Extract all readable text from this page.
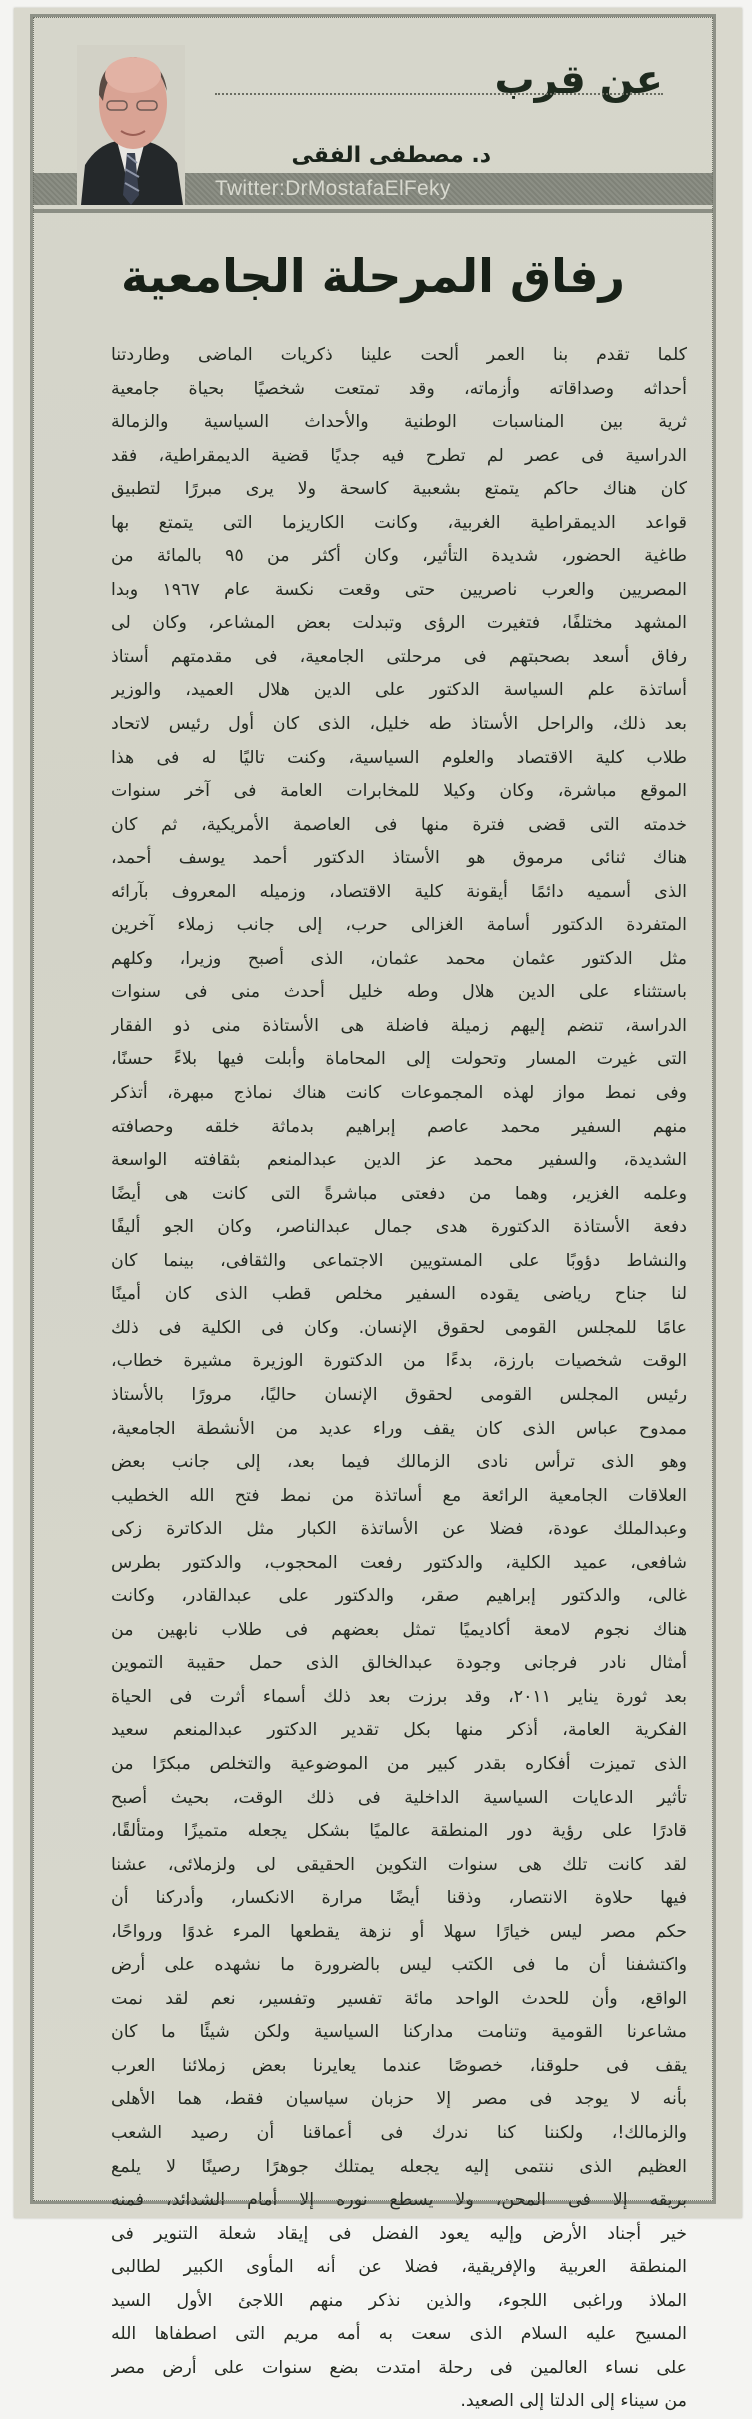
عن قرب
Twitter:DrMostafaElFeky
د. مصطفى الفقى
رفاق المرحلة الجامعية
كلما تقدم بنا العمر ألحت علينا ذكريات الماضى وطاردتنا
أحداثه وصداقاته وأزماته، وقد تمتعت شخصيًا بحياة جامعية
ثرية بين المناسبات الوطنية والأحداث السياسية والزمالة
الدراسية فى عصر لم تطرح فيه جديًا قضية الديمقراطية، فقد
كان هناك حاكم يتمتع بشعبية كاسحة ولا يرى مبررًا لتطبيق
قواعد الديمقراطية الغربية، وكانت الكاريزما التى يتمتع بها
طاغية الحضور، شديدة التأثير، وكان أكثر من ٩٥ بالمائة من
المصريين والعرب ناصريين حتى وقعت نكسة عام ١٩٦٧ وبدا
المشهد مختلفًا، فتغيرت الرؤى وتبدلت بعض المشاعر، وكان لى
رفاق أسعد بصحبتهم فى مرحلتى الجامعية، فى مقدمتهم أستاذ
أساتذة علم السياسة الدكتور على الدين هلال العميد، والوزير
بعد ذلك، والراحل الأستاذ طه خليل، الذى كان أول رئيس لاتحاد
طلاب كلية الاقتصاد والعلوم السياسية، وكنت تاليًا له فى هذا
الموقع مباشرة، وكان وكيلا للمخابرات العامة فى آخر سنوات
خدمته التى قضى فترة منها فى العاصمة الأمريكية، ثم كان
هناك ثنائى مرموق هو الأستاذ الدكتور أحمد يوسف أحمد،
الذى أسميه دائمًا أيقونة كلية الاقتصاد، وزميله المعروف بآرائه
المتفردة الدكتور أسامة الغزالى حرب، إلى جانب زملاء آخرين
مثل الدكتور عثمان محمد عثمان، الذى أصبح وزيرا، وكلهم
باستثناء على الدين هلال وطه خليل أحدث منى فى سنوات
الدراسة، تنضم إليهم زميلة فاضلة هى الأستاذة منى ذو الفقار
التى غيرت المسار وتحولت إلى المحاماة وأبلت فيها بلاءً حسنًا،
وفى نمط مواز لهذه المجموعات كانت هناك نماذج مبهرة، أتذكر
منهم السفير محمد عاصم إبراهيم بدماثة خلقه وحصافته
الشديدة، والسفير محمد عز الدين عبدالمنعم بثقافته الواسعة
وعلمه الغزير، وهما من دفعتى مباشرةً التى كانت هى أيضًا
دفعة الأستاذة الدكتورة هدى جمال عبدالناصر، وكان الجو أليفًا
والنشاط دؤوبًا على المستويين الاجتماعى والثقافى، بينما كان
لنا جناح رياضى يقوده السفير مخلص قطب الذى كان أمينًا
عامًا للمجلس القومى لحقوق الإنسان. وكان فى الكلية فى ذلك
الوقت شخصيات بارزة، بدءًا من الدكتورة الوزيرة مشيرة خطاب،
رئيس المجلس القومى لحقوق الإنسان حاليًا، مرورًا بالأستاذ
ممدوح عباس الذى كان يقف وراء عديد من الأنشطة الجامعية،
وهو الذى ترأس نادى الزمالك فيما بعد، إلى جانب بعض
العلاقات الجامعية الرائعة مع أساتذة من نمط فتح الله الخطيب
وعبدالملك عودة، فضلا عن الأساتذة الكبار مثل الدكاترة زكى
شافعى، عميد الكلية، والدكتور رفعت المحجوب، والدكتور بطرس
غالى، والدكتور إبراهيم صقر، والدكتور على عبدالقادر، وكانت
هناك نجوم لامعة أكاديميًا تمثل بعضهم فى طلاب نابهين من
أمثال نادر فرجانى وجودة عبدالخالق الذى حمل حقيبة التموين
بعد ثورة يناير ٢٠١١، وقد برزت بعد ذلك أسماء أثرت فى الحياة
الفكرية العامة، أذكر منها بكل تقدير الدكتور عبدالمنعم سعيد
الذى تميزت أفكاره بقدر كبير من الموضوعية والتخلص مبكرًا من
تأثير الدعايات السياسية الداخلية فى ذلك الوقت، بحيث أصبح
قادرًا على رؤية دور المنطقة عالميًا بشكل يجعله متميزًا ومتألقًا،
لقد كانت تلك هى سنوات التكوين الحقيقى لى ولزملائى، عشنا
فيها حلاوة الانتصار، وذقنا أيضًا مرارة الانكسار، وأدركنا أن
حكم مصر ليس خيارًا سهلا أو نزهة يقطعها المرء غدوًا ورواحًا،
واكتشفنا أن ما فى الكتب ليس بالضرورة ما نشهده على أرض
الواقع، وأن للحدث الواحد مائة تفسير وتفسير، نعم لقد نمت
مشاعرنا القومية وتنامت مداركنا السياسية ولكن شيئًا ما كان
يقف فى حلوقنا، خصوصًا عندما يعايرنا بعض زملائنا العرب
بأنه لا يوجد فى مصر إلا حزبان سياسيان فقط، هما الأهلى
والزمالك!، ولكننا كنا ندرك فى أعماقنا أن رصيد الشعب
العظيم الذى ننتمى إليه يجعله يمتلك جوهرًا رصينًا لا يلمع
بريقه إلا فى المحن، ولا يسطع نوره إلا أمام الشدائد، فمنه
خير أجناد الأرض وإليه يعود الفضل فى إيقاد شعلة التنوير فى
المنطقة العربية والإفريقية، فضلا عن أنه المأوى الكبير لطالبى
الملاذ وراغبى اللجوء، والذين نذكر منهم اللاجئ الأول السيد
المسيح عليه السلام الذى سعت به أمه مريم التى اصطفاها الله
على نساء العالمين فى رحلة امتدت بضع سنوات على أرض مصر
من سيناء إلى الدلتا إلى الصعيد.
